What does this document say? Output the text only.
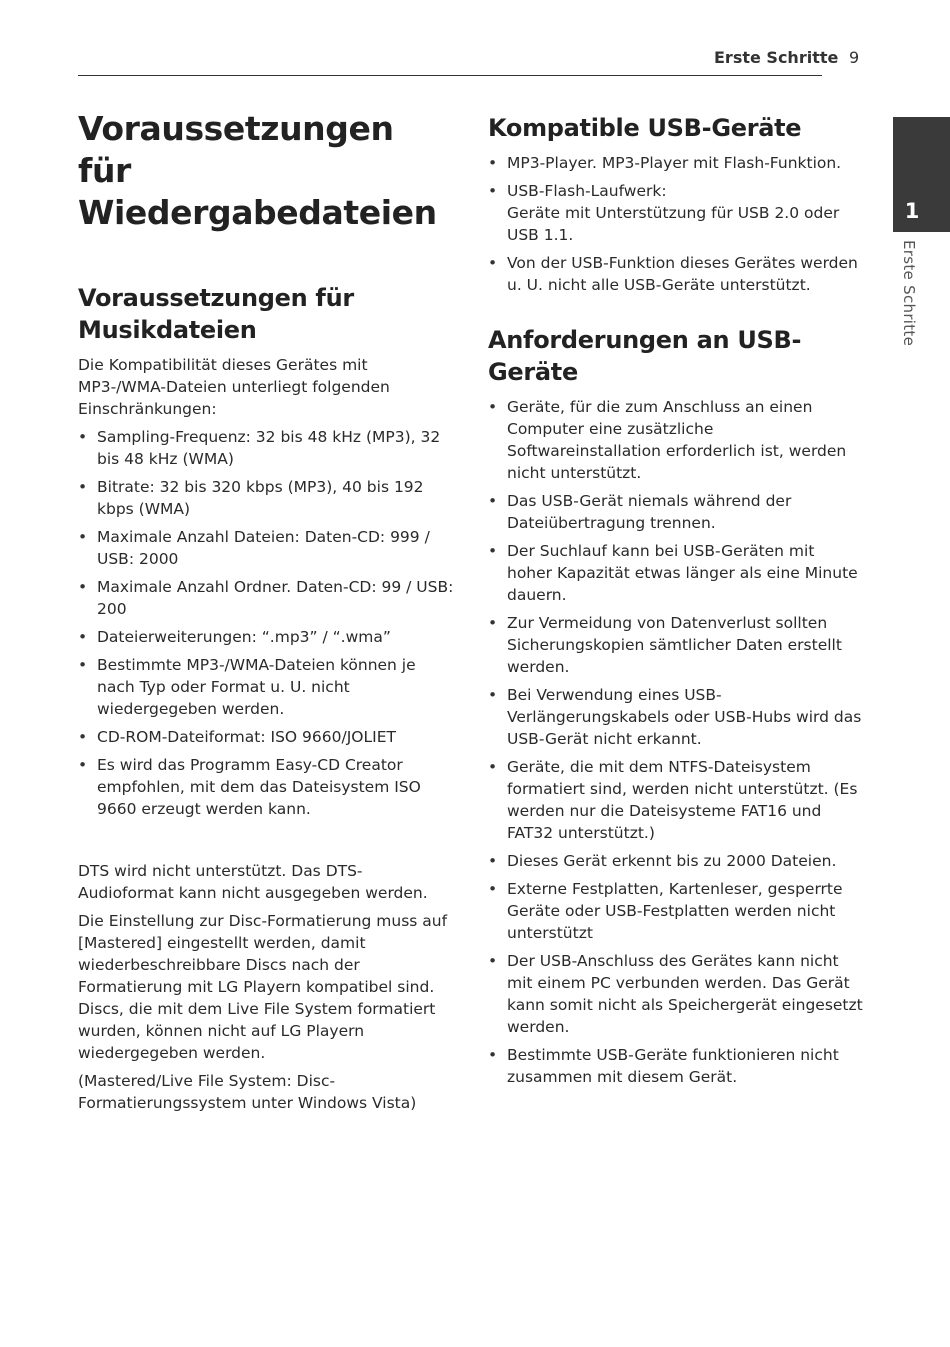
Erste Schritte 9
1
Erste Schritte
Voraussetzungen für Wiedergabedateien
Voraussetzungen für Musikdateien

Die Kompatibilität dieses Gerätes mit MP3-/WMA-Dateien unterliegt folgenden Einschränkungen:

• Sampling-Frequenz: 32 bis 48 kHz (MP3), 32 bis 48 kHz (WMA)
• Bitrate: 32 bis 320 kbps (MP3), 40 bis 192 kbps (WMA)
• Maximale Anzahl Dateien: Daten-CD: 999 / USB: 2000
• Maximale Anzahl Ordner. Daten-CD: 99 / USB: 200
• Dateierweiterungen: “.mp3” / “.wma”
• Bestimmte MP3-/WMA-Dateien können je nach Typ oder Format u. U. nicht wiedergegeben werden.
• CD-ROM-Dateiformat: ISO 9660/JOLIET
• Es wird das Programm Easy-CD Creator empfohlen, mit dem das Dateisystem ISO 9660 erzeugt werden kann.

DTS wird nicht unterstützt. Das DTS-Audioformat kann nicht ausgegeben werden.

Die Einstellung zur Disc-Formatierung muss auf [Mastered] eingestellt werden, damit wiederbeschreibbare Discs nach der Formatierung mit LG Playern kompatibel sind. Discs, die mit dem Live File System formatiert wurden, können nicht auf LG Playern wiedergegeben werden.

(Mastered/Live File System: Disc-Formatierungssystem unter Windows Vista)

Kompatible USB-Geräte
• MP3-Player. MP3-Player mit Flash-Funktion.
• USB-Flash-Laufwerk:
Geräte mit Unterstützung für USB 2.0 oder USB 1.1.
• Von der USB-Funktion dieses Gerätes werden u. U. nicht alle USB-Geräte unterstützt.
Anforderungen an USB-Geräte
• Geräte, für die zum Anschluss an einen Computer eine zusätzliche Softwareinstallation erforderlich ist, werden nicht unterstützt.
• Das USB-Gerät niemals während der Dateiübertragung trennen.
• Der Suchlauf kann bei USB-Geräten mit hoher Kapazität etwas länger als eine Minute dauern.
• Zur Vermeidung von Datenverlust sollten Sicherungskopien sämtlicher Daten erstellt werden.
• Bei Verwendung eines USB-Verlängerungskabels oder USB-Hubs wird das USB-Gerät nicht erkannt.
• Geräte, die mit dem NTFS-Dateisystem formatiert sind, werden nicht unterstützt. (Es werden nur die Dateisysteme FAT16 und FAT32 unterstützt.)
• Dieses Gerät erkennt bis zu 2000 Dateien.
• Externe Festplatten, Kartenleser, gesperrte Geräte oder USB-Festplatten werden nicht unterstützt
• Der USB-Anschluss des Gerätes kann nicht mit einem PC verbunden werden. Das Gerät kann somit nicht als Speichergerät eingesetzt werden.
• Bestimmte USB-Geräte funktionieren nicht zusammen mit diesem Gerät.
